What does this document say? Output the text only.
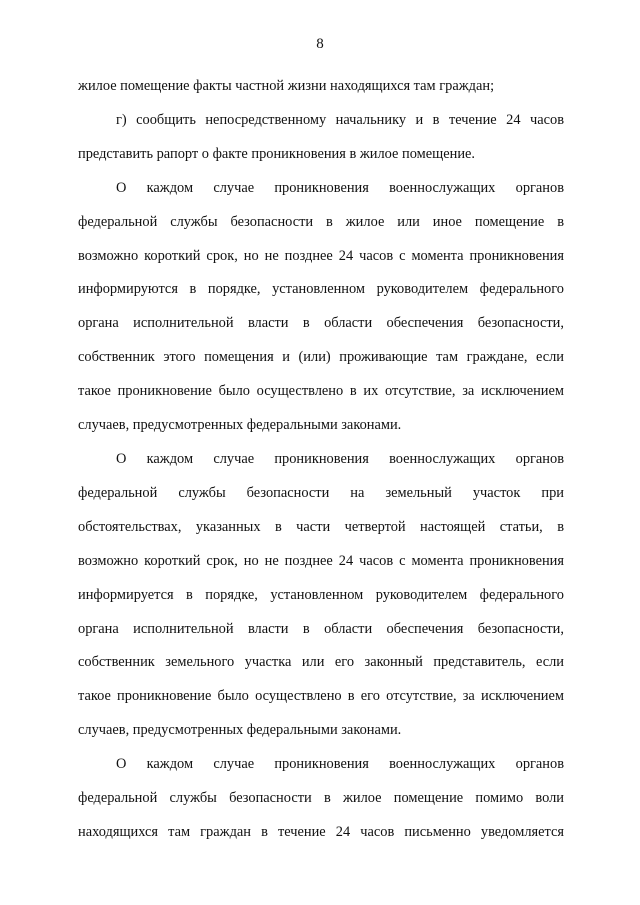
8
жилое помещение факты частной жизни находящихся там граждан;
г) сообщить непосредственному начальнику и в течение 24 часов
представить рапорт о факте проникновения в жилое помещение.
О каждом случае проникновения военнослужащих органов
федеральной службы безопасности в жилое или иное помещение в
возможно короткий срок, но не позднее 24 часов с момента проникновения
информируются в порядке, установленном руководителем федерального
органа исполнительной власти в области обеспечения безопасности,
собственник этого помещения и (или) проживающие там граждане, если
такое проникновение было осуществлено в их отсутствие, за исключением
случаев, предусмотренных федеральными законами.
О каждом случае проникновения военнослужащих органов
федеральной службы безопасности на земельный участок при
обстоятельствах, указанных в части четвертой настоящей статьи, в
возможно короткий срок, но не позднее 24 часов с момента проникновения
информируется в порядке, установленном руководителем федерального
органа исполнительной власти в области обеспечения безопасности,
собственник земельного участка или его законный представитель, если
такое проникновение было осуществлено в его отсутствие, за исключением
случаев, предусмотренных федеральными законами.
О каждом случае проникновения военнослужащих органов
федеральной службы безопасности в жилое помещение помимо воли
находящихся там граждан в течение 24 часов письменно уведомляется
